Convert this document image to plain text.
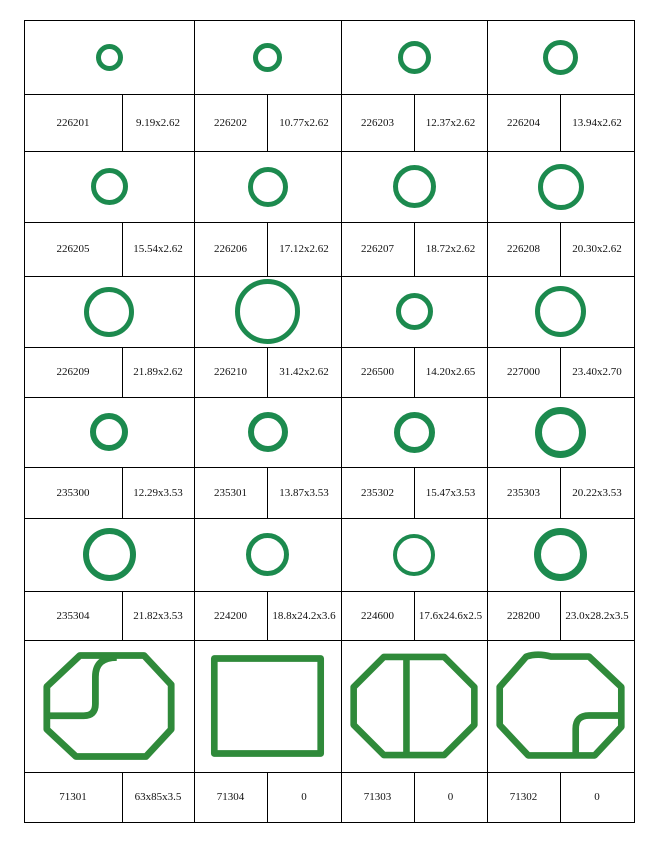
226201	9.19x2.62	226202	10.77x2.62	226203	12.37x2.62	226204	13.94x2.62
226205	15.54x2.62	226206	17.12x2.62	226207	18.72x2.62	226208	20.30x2.62
226209	21.89x2.62	226210	31.42x2.62	226500	14.20x2.65	227000	23.40x2.70
235300	12.29x3.53	235301	13.87x3.53	235302	15.47x3.53	235303	20.22x3.53
235304	21.82x3.53	224200	18.8x24.2x3.6	224600	17.6x24.6x2.5	228200	23.0x28.2x3.5
71301	63x85x3.5	71304	0	71303	0	71302	0
